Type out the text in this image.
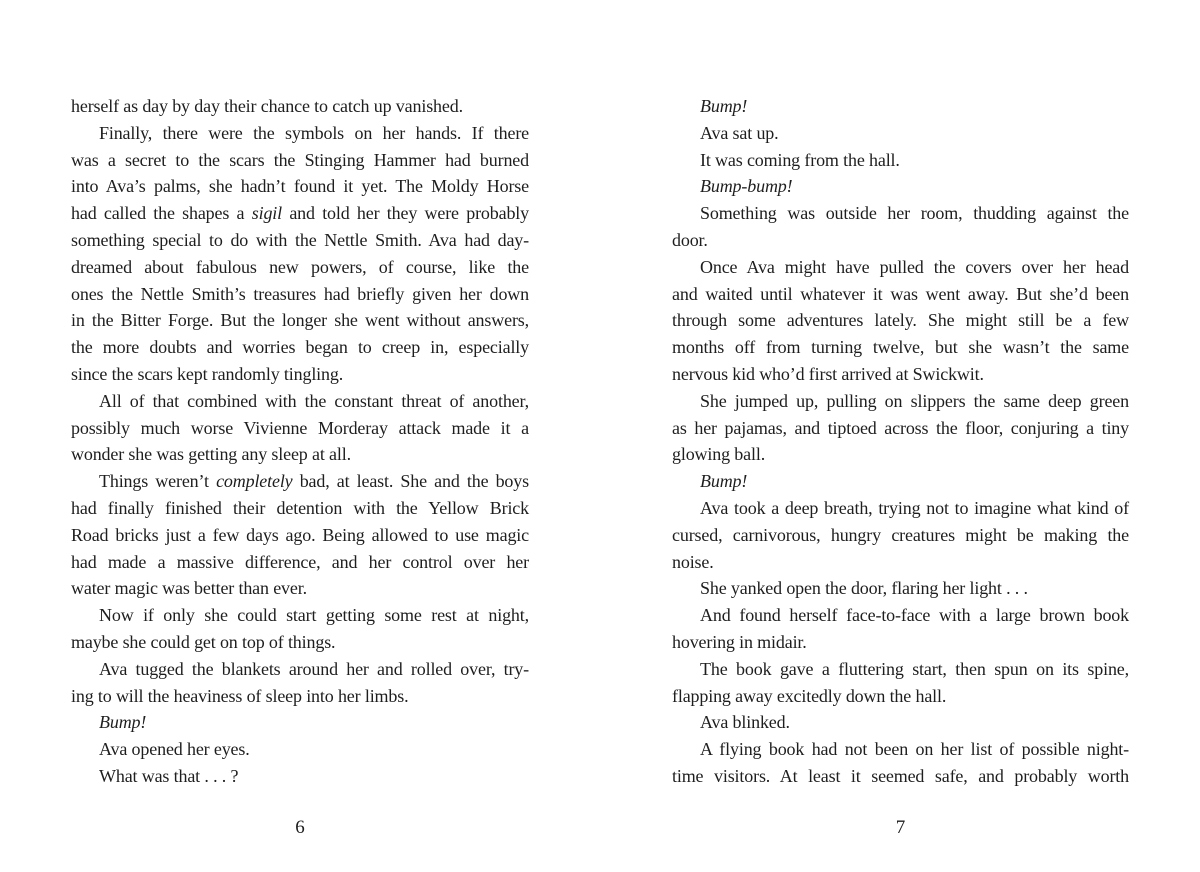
herself as day by day their chance to catch up vanished.
Finally, there were the symbols on her hands. If there
was a secret to the scars the Stinging Hammer had burned
into Ava’s palms, she hadn’t found it yet. The Moldy Horse
had called the shapes a sigil and told her they were probably
something special to do with the Nettle Smith. Ava had day-
dreamed about fabulous new powers, of course, like the
ones the Nettle Smith’s treasures had briefly given her down
in the Bitter Forge. But the longer she went without answers,
the more doubts and worries began to creep in, especially
since the scars kept randomly tingling.
All of that combined with the constant threat of another,
possibly much worse Vivienne Morderay attack made it a
wonder she was getting any sleep at all.
Things weren’t completely bad, at least. She and the boys
had finally finished their detention with the Yellow Brick
Road bricks just a few days ago. Being allowed to use magic
had made a massive difference, and her control over her
water magic was better than ever.
Now if only she could start getting some rest at night,
maybe she could get on top of things.
Ava tugged the blankets around her and rolled over, try-
ing to will the heaviness of sleep into her limbs.
Bump!
Ava opened her eyes.
What was that . . . ?
6
Bump!
Ava sat up.
It was coming from the hall.
Bump-bump!
Something was outside her room, thudding against the
door.
Once Ava might have pulled the covers over her head
and waited until whatever it was went away. But she’d been
through some adventures lately. She might still be a few
months off from turning twelve, but she wasn’t the same
nervous kid who’d first arrived at Swickwit.
She jumped up, pulling on slippers the same deep green
as her pajamas, and tiptoed across the floor, conjuring a tiny
glowing ball.
Bump!
Ava took a deep breath, trying not to imagine what kind of
cursed, carnivorous, hungry creatures might be making the
noise.
She yanked open the door, flaring her light . . .
And found herself face-to-face with a large brown book
hovering in midair.
The book gave a fluttering start, then spun on its spine,
flapping away excitedly down the hall.
Ava blinked.
A flying book had not been on her list of possible night-
time visitors. At least it seemed safe, and probably worth
7
